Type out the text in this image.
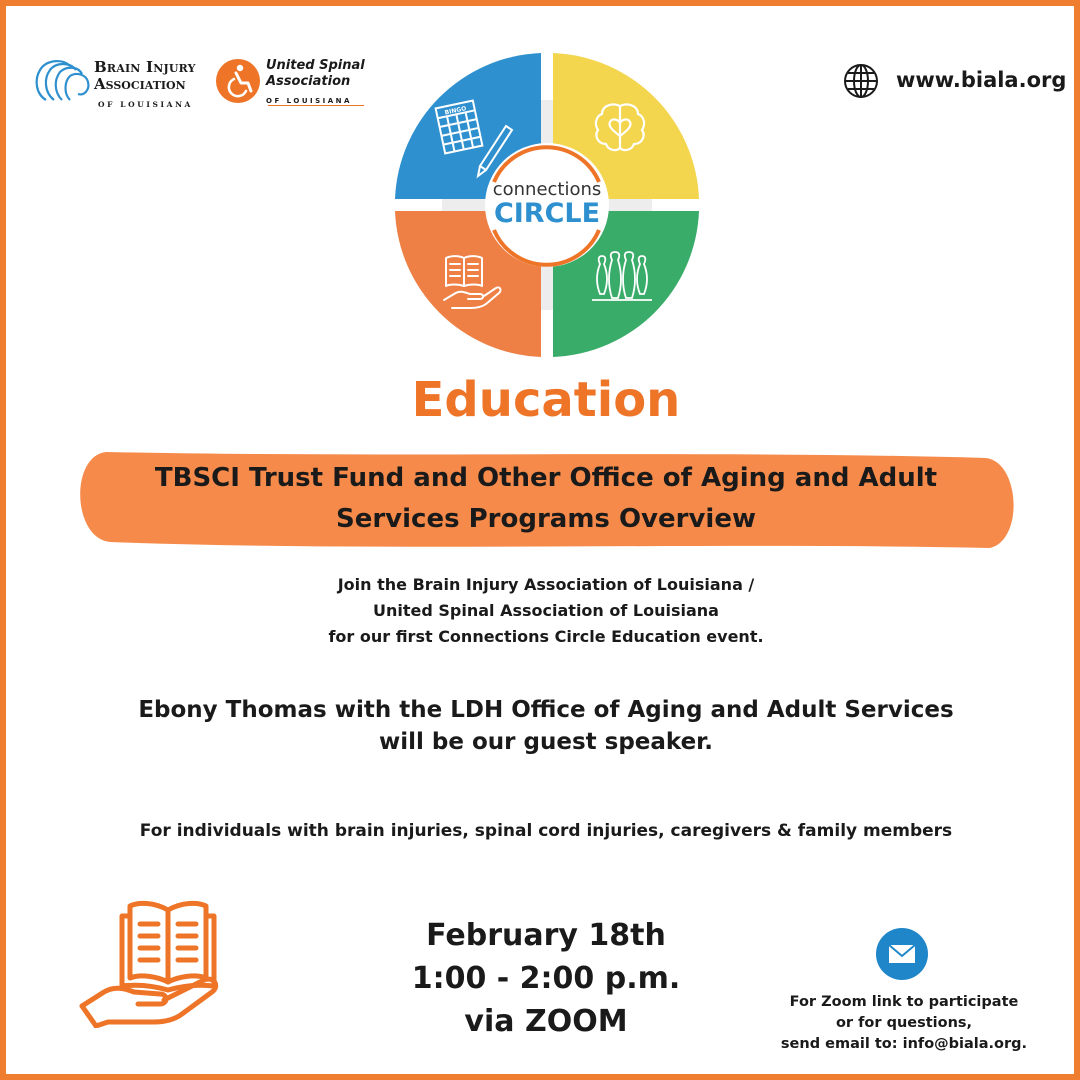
Brain Injury
Association
OF LOUISIANA
United Spinal
Association
OF LOUISIANA
www.biala.org
connections
CIRCLE
BINGO
Education
TBSCI Trust Fund and Other Office of Aging and Adult
Services Programs Overview
Join the Brain Injury Association of Louisiana /
United Spinal Association of Louisiana
for our first Connections Circle Education event.
Ebony Thomas with the LDH Office of Aging and Adult Services
will be our guest speaker.
For individuals with brain injuries, spinal cord injuries, caregivers & family members
February 18th
1:00 - 2:00 p.m.
via ZOOM
For Zoom link to participate
or for questions,
send email to: info@biala.org.
